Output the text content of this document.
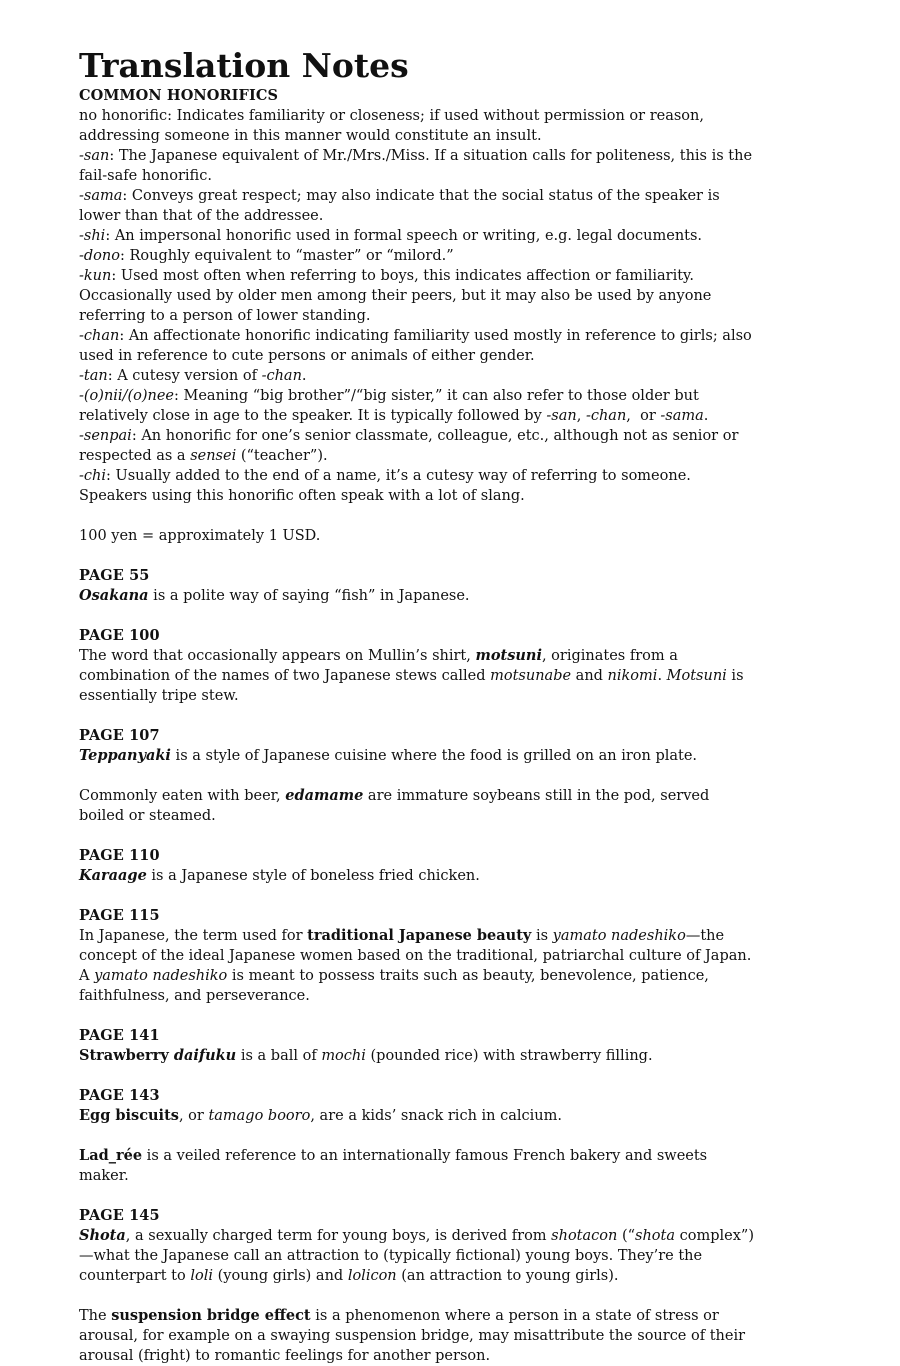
Translation Notes
COMMON HONORIFICS

no honorific: Indicates familiarity or closeness; if used without permission or reason, addressing someone in this manner would constitute an insult.

-san: The Japanese equivalent of Mr./Mrs./Miss. If a situation calls for politeness, this is the fail-safe honorific.

-sama: Conveys great respect; may also indicate that the social status of the speaker is lower than that of the addressee.

-shi: An impersonal honorific used in formal speech or writing, e.g. legal documents.

-dono: Roughly equivalent to “master” or “milord.”

-kun: Used most often when referring to boys, this indicates affection or familiarity. Occasionally used by older men among their peers, but it may also be used by anyone referring to a person of lower standing.

-chan: An affectionate honorific indicating familiarity used mostly in reference to girls; also used in reference to cute persons or animals of either gender.

-tan: A cutesy version of -chan.

-(o)nii/(o)nee: Meaning “big brother”/“big sister,” it can also refer to those older but relatively close in age to the speaker. It is typically followed by -san, -chan,  or -sama.

-senpai: An honorific for one’s senior classmate, colleague, etc., although not as senior or respected as a sensei (“teacher”).

-chi: Usually added to the end of a name, it’s a cutesy way of referring to someone. Speakers using this honorific often speak with a lot of slang.

100 yen = approximately 1 USD.

PAGE 55

Osakana is a polite way of saying “fish” in Japanese.

PAGE 100

The word that occasionally appears on Mullin’s shirt, motsuni, originates from a combination of the names of two Japanese stews called motsunabe and nikomi. Motsuni is essentially tripe stew.

PAGE 107

Teppanyaki is a style of Japanese cuisine where the food is grilled on an iron plate.

Commonly eaten with beer, edamame are immature soybeans still in the pod, served boiled or steamed.

PAGE 110

Karaage is a Japanese style of boneless fried chicken.

PAGE 115

In Japanese, the term used for traditional Japanese beauty is yamato nadeshiko—the concept of the ideal Japanese women based on the traditional, patriarchal culture of Japan. A yamato nadeshiko is meant to possess traits such as beauty, benevolence, patience, faithfulness, and perseverance.

PAGE 141

Strawberry daifuku is a ball of mochi (pounded rice) with strawberry filling.

PAGE 143

Egg biscuits, or tamago booro, are a kids’ snack rich in calcium.

Lad_rée is a veiled reference to an internationally famous French bakery and sweets maker.

PAGE 145

Shota, a sexually charged term for young boys, is derived from shotacon (“shota complex”)—what the Japanese call an attraction to (typically fictional) young boys. They’re the counterpart to loli (young girls) and lolicon (an attraction to young girls).

The suspension bridge effect is a phenomenon where a person in a state of stress or arousal, for example on a swaying suspension bridge, may misattribute the source of their arousal (fright) to romantic feelings for another person.
